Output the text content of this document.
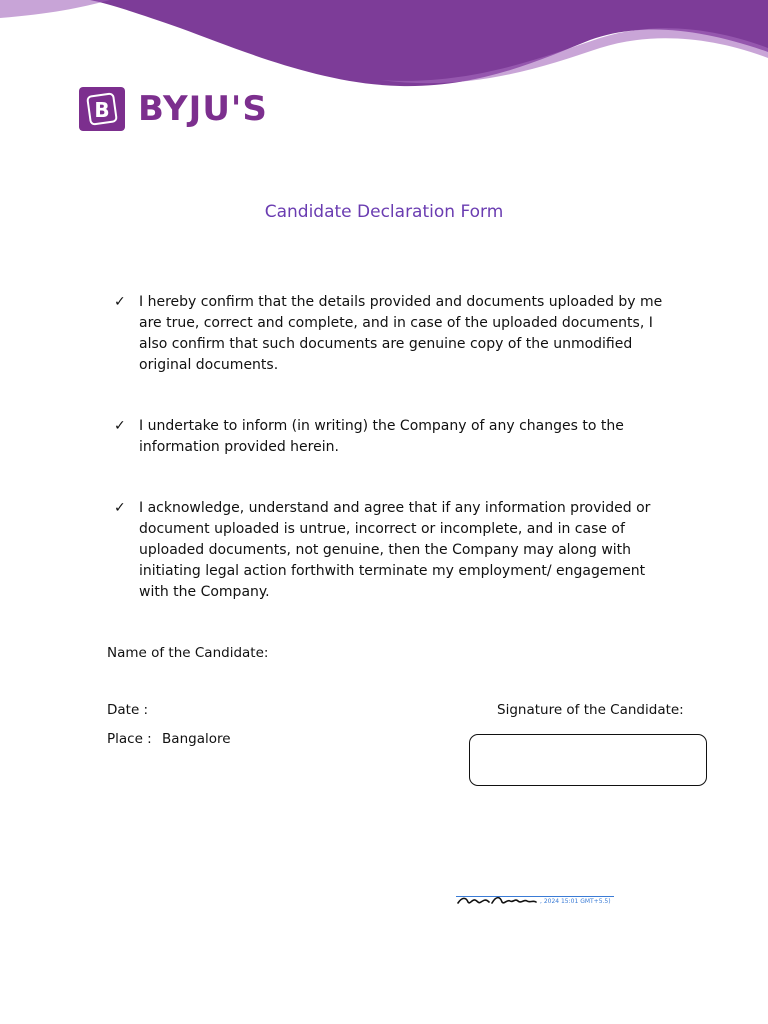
B BYJU'S
Candidate Declaration Form
✓ I hereby confirm that the details provided and documents uploaded by me are true, correct and complete, and in case of the uploaded documents, I also confirm that such documents are genuine copy of the unmodified original documents.
✓ I undertake to inform (in writing) the Company of any changes to the information provided herein.
✓ I acknowledge, understand and agree that if any information provided or document uploaded is untrue, incorrect or incomplete, and in case of uploaded documents, not genuine, then the Company may along with initiating legal action forthwith terminate my employment/ engagement with the Company.
Name of the Candidate:
Date :	Signature of the Candidate:
Place : Bangalore
, 2024 15:01 GMT+5.5)
